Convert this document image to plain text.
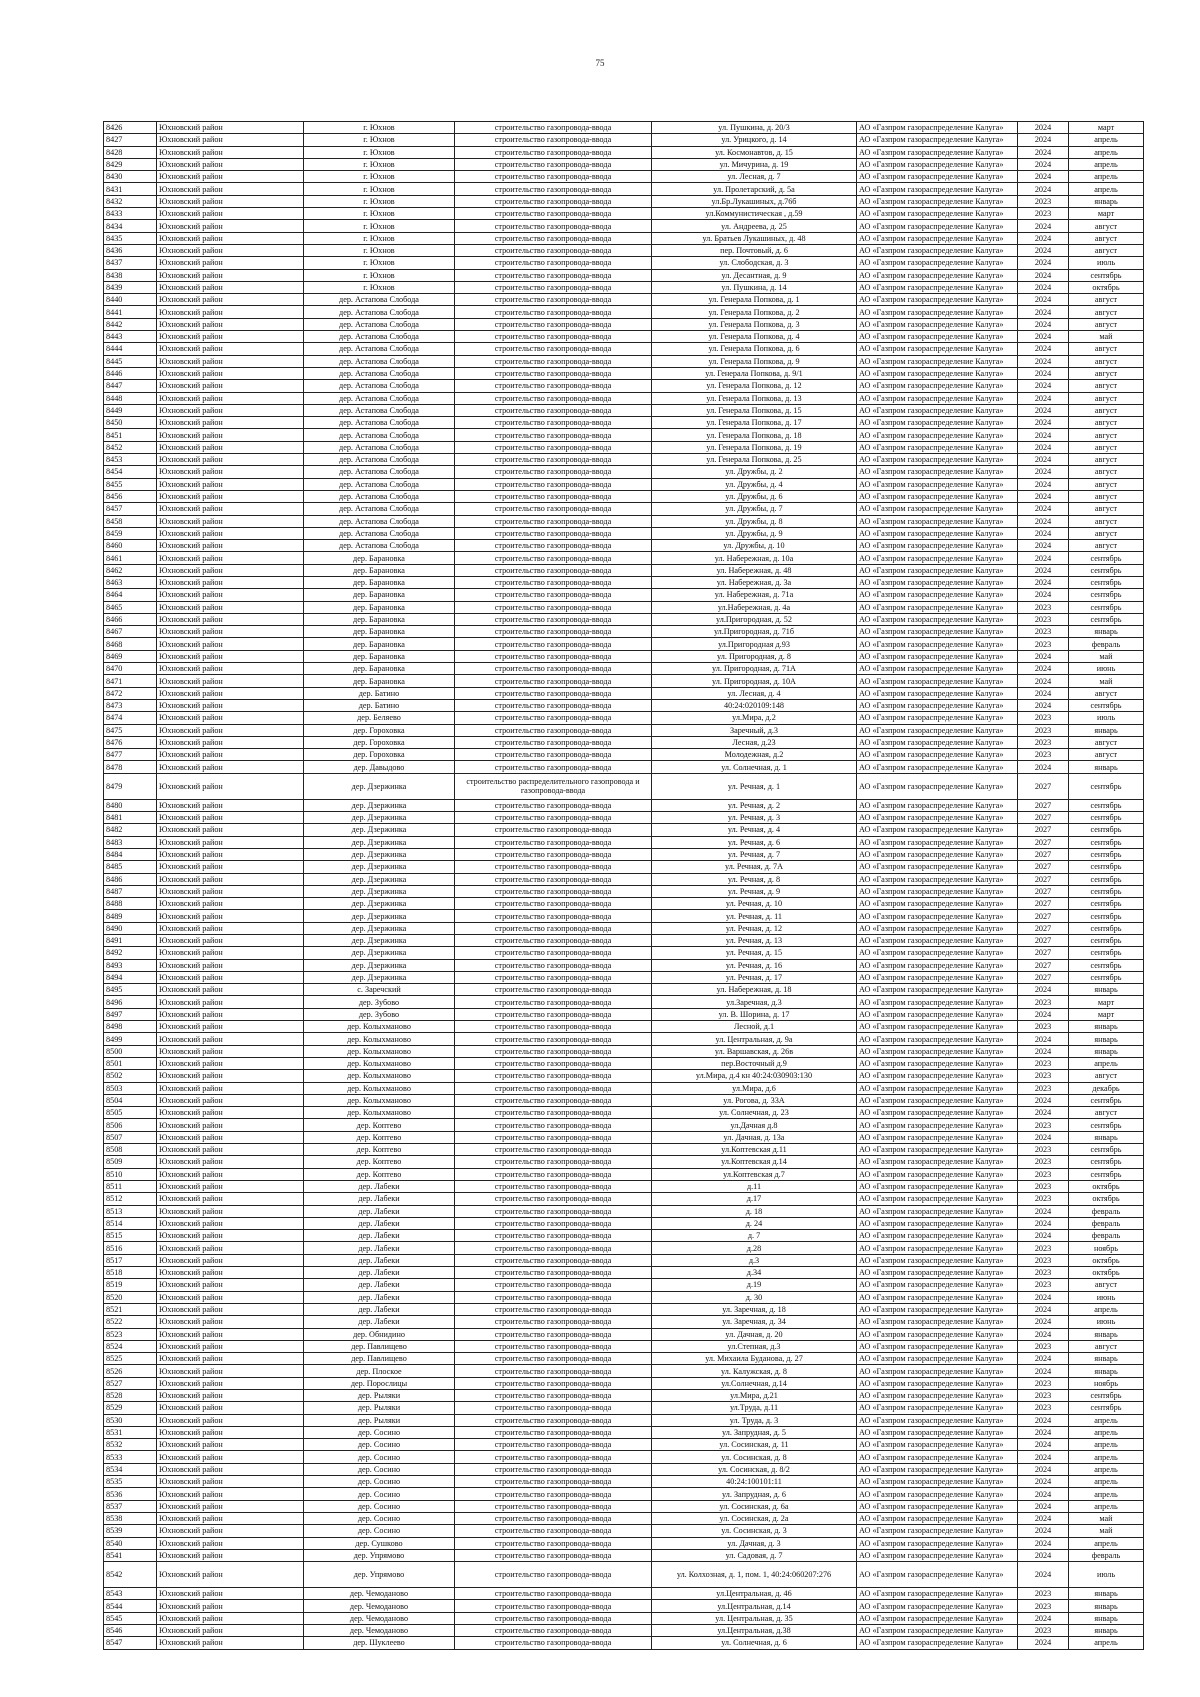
75
8426	Юхновский район	г. Юхнов	строительство газопровода-ввода	ул. Пушкина, д. 20/3	АО «Газпром газораспределение Калуга»	2024	март
8427	Юхновский район	г. Юхнов	строительство газопровода-ввода	ул. Урицкого, д. 14	АО «Газпром газораспределение Калуга»	2024	апрель
8428	Юхновский район	г. Юхнов	строительство газопровода-ввода	ул. Космонавтов, д. 15	АО «Газпром газораспределение Калуга»	2024	апрель
8429	Юхновский район	г. Юхнов	строительство газопровода-ввода	ул. Мичурина, д. 19	АО «Газпром газораспределение Калуга»	2024	апрель
8430	Юхновский район	г. Юхнов	строительство газопровода-ввода	ул. Лесная, д. 7	АО «Газпром газораспределение Калуга»	2024	апрель
8431	Юхновский район	г. Юхнов	строительство газопровода-ввода	ул. Пролетарский, д. 5а	АО «Газпром газораспределение Калуга»	2024	апрель
8432	Юхновский район	г. Юхнов	строительство газопровода-ввода	ул.Бр.Лукашиных, д.76б	АО «Газпром газораспределение Калуга»	2023	январь
8433	Юхновский район	г. Юхнов	строительство газопровода-ввода	ул.Коммунистическая , д.59	АО «Газпром газораспределение Калуга»	2023	март
8434	Юхновский район	г. Юхнов	строительство газопровода-ввода	ул. Андреева, д. 25	АО «Газпром газораспределение Калуга»	2024	август
8435	Юхновский район	г. Юхнов	строительство газопровода-ввода	ул. Братьев Лукашиных, д. 48	АО «Газпром газораспределение Калуга»	2024	август
8436	Юхновский район	г. Юхнов	строительство газопровода-ввода	пер. Почтовый, д. 6	АО «Газпром газораспределение Калуга»	2024	август
8437	Юхновский район	г. Юхнов	строительство газопровода-ввода	ул. Слободская, д. 3	АО «Газпром газораспределение Калуга»	2024	июль
8438	Юхновский район	г. Юхнов	строительство газопровода-ввода	ул. Десантная, д. 9	АО «Газпром газораспределение Калуга»	2024	сентябрь
8439	Юхновский район	г. Юхнов	строительство газопровода-ввода	ул. Пушкина, д. 14	АО «Газпром газораспределение Калуга»	2024	октябрь
8440	Юхновский район	дер. Астапова Слобода	строительство газопровода-ввода	ул. Генерала Попкова, д. 1	АО «Газпром газораспределение Калуга»	2024	август
8441	Юхновский район	дер. Астапова Слобода	строительство газопровода-ввода	ул. Генерала Попкова, д. 2	АО «Газпром газораспределение Калуга»	2024	август
8442	Юхновский район	дер. Астапова Слобода	строительство газопровода-ввода	ул. Генерала Попкова, д. 3	АО «Газпром газораспределение Калуга»	2024	август
8443	Юхновский район	дер. Астапова Слобода	строительство газопровода-ввода	ул. Генерала Попкова, д. 4	АО «Газпром газораспределение Калуга»	2024	май
8444	Юхновский район	дер. Астапова Слобода	строительство газопровода-ввода	ул. Генерала Попкова, д. 6	АО «Газпром газораспределение Калуга»	2024	август
8445	Юхновский район	дер. Астапова Слобода	строительство газопровода-ввода	ул. Генерала Попкова, д. 9	АО «Газпром газораспределение Калуга»	2024	август
8446	Юхновский район	дер. Астапова Слобода	строительство газопровода-ввода	ул. Генерала Попкова, д. 9/1	АО «Газпром газораспределение Калуга»	2024	август
8447	Юхновский район	дер. Астапова Слобода	строительство газопровода-ввода	ул. Генерала Попкова, д. 12	АО «Газпром газораспределение Калуга»	2024	август
8448	Юхновский район	дер. Астапова Слобода	строительство газопровода-ввода	ул. Генерала Попкова, д. 13	АО «Газпром газораспределение Калуга»	2024	август
8449	Юхновский район	дер. Астапова Слобода	строительство газопровода-ввода	ул. Генерала Попкова, д. 15	АО «Газпром газораспределение Калуга»	2024	август
8450	Юхновский район	дер. Астапова Слобода	строительство газопровода-ввода	ул. Генерала Попкова, д. 17	АО «Газпром газораспределение Калуга»	2024	август
8451	Юхновский район	дер. Астапова Слобода	строительство газопровода-ввода	ул. Генерала Попкова, д. 18	АО «Газпром газораспределение Калуга»	2024	август
8452	Юхновский район	дер. Астапова Слобода	строительство газопровода-ввода	ул. Генерала Попкова, д. 19	АО «Газпром газораспределение Калуга»	2024	август
8453	Юхновский район	дер. Астапова Слобода	строительство газопровода-ввода	ул. Генерала Попкова, д. 25	АО «Газпром газораспределение Калуга»	2024	август
8454	Юхновский район	дер. Астапова Слобода	строительство газопровода-ввода	ул. Дружбы, д. 2	АО «Газпром газораспределение Калуга»	2024	август
8455	Юхновский район	дер. Астапова Слобода	строительство газопровода-ввода	ул. Дружбы, д. 4	АО «Газпром газораспределение Калуга»	2024	август
8456	Юхновский район	дер. Астапова Слобода	строительство газопровода-ввода	ул. Дружбы, д. 6	АО «Газпром газораспределение Калуга»	2024	август
8457	Юхновский район	дер. Астапова Слобода	строительство газопровода-ввода	ул. Дружбы, д. 7	АО «Газпром газораспределение Калуга»	2024	август
8458	Юхновский район	дер. Астапова Слобода	строительство газопровода-ввода	ул. Дружбы, д. 8	АО «Газпром газораспределение Калуга»	2024	август
8459	Юхновский район	дер. Астапова Слобода	строительство газопровода-ввода	ул. Дружбы, д. 9	АО «Газпром газораспределение Калуга»	2024	август
8460	Юхновский район	дер. Астапова Слобода	строительство газопровода-ввода	ул. Дружбы, д. 10	АО «Газпром газораспределение Калуга»	2024	август
8461	Юхновский район	дер. Барановка	строительство газопровода-ввода	ул. Набережная, д. 10а	АО «Газпром газораспределение Калуга»	2024	сентябрь
8462	Юхновский район	дер. Барановка	строительство газопровода-ввода	ул. Набережная, д. 48	АО «Газпром газораспределение Калуга»	2024	сентябрь
8463	Юхновский район	дер. Барановка	строительство газопровода-ввода	ул. Набережная, д. 3а	АО «Газпром газораспределение Калуга»	2024	сентябрь
8464	Юхновский район	дер. Барановка	строительство газопровода-ввода	ул. Набережная, д. 71а	АО «Газпром газораспределение Калуга»	2024	сентябрь
8465	Юхновский район	дер. Барановка	строительство газопровода-ввода	ул.Набережная, д. 4а	АО «Газпром газораспределение Калуга»	2023	сентябрь
8466	Юхновский район	дер. Барановка	строительство газопровода-ввода	ул.Пригородная, д. 52	АО «Газпром газораспределение Калуга»	2023	сентябрь
8467	Юхновский район	дер. Барановка	строительство газопровода-ввода	ул.Пригородная, д. 71б	АО «Газпром газораспределение Калуга»	2023	январь
8468	Юхновский район	дер. Барановка	строительство газопровода-ввода	ул.Пригородная д.93	АО «Газпром газораспределение Калуга»	2023	февраль
8469	Юхновский район	дер. Барановка	строительство газопровода-ввода	ул. Пригородная, д. 8	АО «Газпром газораспределение Калуга»	2024	май
8470	Юхновский район	дер. Барановка	строительство газопровода-ввода	ул. Пригородная, д. 71А	АО «Газпром газораспределение Калуга»	2024	июнь
8471	Юхновский район	дер. Барановка	строительство газопровода-ввода	ул. Пригородная, д. 10А	АО «Газпром газораспределение Калуга»	2024	май
8472	Юхновский район	дер. Батино	строительство газопровода-ввода	ул. Лесная, д. 4	АО «Газпром газораспределение Калуга»	2024	август
8473	Юхновский район	дер. Батино	строительство газопровода-ввода	40:24:020109:148	АО «Газпром газораспределение Калуга»	2024	сентябрь
8474	Юхновский район	дер. Беляево	строительство газопровода-ввода	ул.Мира, д.2	АО «Газпром газораспределение Калуга»	2023	июль
8475	Юхновский район	дер. Гороховка	строительство газопровода-ввода	Заречный, д.3	АО «Газпром газораспределение Калуга»	2023	январь
8476	Юхновский район	дер. Гороховка	строительство газопровода-ввода	Лесная, д.23	АО «Газпром газораспределение Калуга»	2023	август
8477	Юхновский район	дер. Гороховка	строительство газопровода-ввода	Молодежная, д.2	АО «Газпром газораспределение Калуга»	2023	август
8478	Юхновский район	дер. Давыдово	строительство газопровода-ввода	ул. Солнечная, д. 1	АО «Газпром газораспределение Калуга»	2024	январь
8479	Юхновский район	дер. Дзержинка	строительство распределительного газопровода и газопровода-ввода	ул. Речная, д. 1	АО «Газпром газораспределение Калуга»	2027	сентябрь
8480	Юхновский район	дер. Дзержинка	строительство газопровода-ввода	ул. Речная, д. 2	АО «Газпром газораспределение Калуга»	2027	сентябрь
8481	Юхновский район	дер. Дзержинка	строительство газопровода-ввода	ул. Речная, д. 3	АО «Газпром газораспределение Калуга»	2027	сентябрь
8482	Юхновский район	дер. Дзержинка	строительство газопровода-ввода	ул. Речная, д. 4	АО «Газпром газораспределение Калуга»	2027	сентябрь
8483	Юхновский район	дер. Дзержинка	строительство газопровода-ввода	ул. Речная, д. 6	АО «Газпром газораспределение Калуга»	2027	сентябрь
8484	Юхновский район	дер. Дзержинка	строительство газопровода-ввода	ул. Речная, д. 7	АО «Газпром газораспределение Калуга»	2027	сентябрь
8485	Юхновский район	дер. Дзержинка	строительство газопровода-ввода	ул. Речная, д. 7А	АО «Газпром газораспределение Калуга»	2027	сентябрь
8486	Юхновский район	дер. Дзержинка	строительство газопровода-ввода	ул. Речная, д. 8	АО «Газпром газораспределение Калуга»	2027	сентябрь
8487	Юхновский район	дер. Дзержинка	строительство газопровода-ввода	ул. Речная, д. 9	АО «Газпром газораспределение Калуга»	2027	сентябрь
8488	Юхновский район	дер. Дзержинка	строительство газопровода-ввода	ул. Речная, д. 10	АО «Газпром газораспределение Калуга»	2027	сентябрь
8489	Юхновский район	дер. Дзержинка	строительство газопровода-ввода	ул. Речная, д. 11	АО «Газпром газораспределение Калуга»	2027	сентябрь
8490	Юхновский район	дер. Дзержинка	строительство газопровода-ввода	ул. Речная, д. 12	АО «Газпром газораспределение Калуга»	2027	сентябрь
8491	Юхновский район	дер. Дзержинка	строительство газопровода-ввода	ул. Речная, д. 13	АО «Газпром газораспределение Калуга»	2027	сентябрь
8492	Юхновский район	дер. Дзержинка	строительство газопровода-ввода	ул. Речная, д. 15	АО «Газпром газораспределение Калуга»	2027	сентябрь
8493	Юхновский район	дер. Дзержинка	строительство газопровода-ввода	ул. Речная, д. 16	АО «Газпром газораспределение Калуга»	2027	сентябрь
8494	Юхновский район	дер. Дзержинка	строительство газопровода-ввода	ул. Речная, д. 17	АО «Газпром газораспределение Калуга»	2027	сентябрь
8495	Юхновский район	с. Заречский	строительство газопровода-ввода	ул. Набережная, д. 18	АО «Газпром газораспределение Калуга»	2024	январь
8496	Юхновский район	дер. Зубово	строительство газопровода-ввода	ул.Заречная, д.3	АО «Газпром газораспределение Калуга»	2023	март
8497	Юхновский район	дер. Зубово	строительство газопровода-ввода	ул. В. Шорина, д. 17	АО «Газпром газораспределение Калуга»	2024	март
8498	Юхновский район	дер. Колыхманово	строительство газопровода-ввода	Лесной, д.1	АО «Газпром газораспределение Калуга»	2023	январь
8499	Юхновский район	дер. Колыхманово	строительство газопровода-ввода	ул. Центральная, д. 9а	АО «Газпром газораспределение Калуга»	2024	январь
8500	Юхновский район	дер. Колыхманово	строительство газопровода-ввода	ул. Варшавская, д. 26в	АО «Газпром газораспределение Калуга»	2024	январь
8501	Юхновский район	дер. Колыхманово	строительство газопровода-ввода	пер.Восточный д.9	АО «Газпром газораспределение Калуга»	2023	апрель
8502	Юхновский район	дер. Колыхманово	строительство газопровода-ввода	ул.Мира, д.4 кн 40:24:030903:130	АО «Газпром газораспределение Калуга»	2023	август
8503	Юхновский район	дер. Колыхманово	строительство газопровода-ввода	ул.Мира, д.6	АО «Газпром газораспределение Калуга»	2023	декабрь
8504	Юхновский район	дер. Колыхманово	строительство газопровода-ввода	ул. Рогова, д. 33А	АО «Газпром газораспределение Калуга»	2024	сентябрь
8505	Юхновский район	дер. Колыхманово	строительство газопровода-ввода	ул. Солнечная, д. 23	АО «Газпром газораспределение Калуга»	2024	август
8506	Юхновский район	дер. Коптево	строительство газопровода-ввода	ул.Дачная д.8	АО «Газпром газораспределение Калуга»	2023	сентябрь
8507	Юхновский район	дер. Коптево	строительство газопровода-ввода	ул. Дачная, д. 13а	АО «Газпром газораспределение Калуга»	2024	январь
8508	Юхновский район	дер. Коптево	строительство газопровода-ввода	ул.Коптевская д.11	АО «Газпром газораспределение Калуга»	2023	сентябрь
8509	Юхновский район	дер. Коптево	строительство газопровода-ввода	ул.Коптевская д.14	АО «Газпром газораспределение Калуга»	2023	сентябрь
8510	Юхновский район	дер. Коптево	строительство газопровода-ввода	ул.Коптевская д.7	АО «Газпром газораспределение Калуга»	2023	сентябрь
8511	Юхновский район	дер. Лабеки	строительство газопровода-ввода	д.11	АО «Газпром газораспределение Калуга»	2023	октябрь
8512	Юхновский район	дер. Лабеки	строительство газопровода-ввода	д.17	АО «Газпром газораспределение Калуга»	2023	октябрь
8513	Юхновский район	дер. Лабеки	строительство газопровода-ввода	д. 18	АО «Газпром газораспределение Калуга»	2024	февраль
8514	Юхновский район	дер. Лабеки	строительство газопровода-ввода	д. 24	АО «Газпром газораспределение Калуга»	2024	февраль
8515	Юхновский район	дер. Лабеки	строительство газопровода-ввода	д. 7	АО «Газпром газораспределение Калуга»	2024	февраль
8516	Юхновский район	дер. Лабеки	строительство газопровода-ввода	д.28	АО «Газпром газораспределение Калуга»	2023	ноябрь
8517	Юхновский район	дер. Лабеки	строительство газопровода-ввода	д.3	АО «Газпром газораспределение Калуга»	2023	октябрь
8518	Юхновский район	дер. Лабеки	строительство газопровода-ввода	д.34	АО «Газпром газораспределение Калуга»	2023	октябрь
8519	Юхновский район	дер. Лабеки	строительство газопровода-ввода	д.19	АО «Газпром газораспределение Калуга»	2023	август
8520	Юхновский район	дер. Лабеки	строительство газопровода-ввода	д. 30	АО «Газпром газораспределение Калуга»	2024	июнь
8521	Юхновский район	дер. Лабеки	строительство газопровода-ввода	ул. Заречная, д. 18	АО «Газпром газораспределение Калуга»	2024	апрель
8522	Юхновский район	дер. Лабеки	строительство газопровода-ввода	ул. Заречная, д. 34	АО «Газпром газораспределение Калуга»	2024	июнь
8523	Юхновский район	дер. Обнидино	строительство газопровода-ввода	ул. Дачная, д. 20	АО «Газпром газораспределение Калуга»	2024	январь
8524	Юхновский район	дер. Павлищево	строительство газопровода-ввода	ул.Степная, д.3	АО «Газпром газораспределение Калуга»	2023	август
8525	Юхновский район	дер. Павлищево	строительство газопровода-ввода	ул. Михаила Буданова, д. 27	АО «Газпром газораспределение Калуга»	2024	январь
8526	Юхновский район	дер. Плоское	строительство газопровода-ввода	ул. Калужская, д. 8	АО «Газпром газораспределение Калуга»	2024	январь
8527	Юхновский район	дер. Порослицы	строительство газопровода-ввода	ул.Солнечная, д.14	АО «Газпром газораспределение Калуга»	2023	ноябрь
8528	Юхновский район	дер. Рыляки	строительство газопровода-ввода	ул.Мира, д.21	АО «Газпром газораспределение Калуга»	2023	сентябрь
8529	Юхновский район	дер. Рыляки	строительство газопровода-ввода	ул.Труда, д.11	АО «Газпром газораспределение Калуга»	2023	сентябрь
8530	Юхновский район	дер. Рыляки	строительство газопровода-ввода	ул. Труда, д. 3	АО «Газпром газораспределение Калуга»	2024	апрель
8531	Юхновский район	дер. Сосино	строительство газопровода-ввода	ул. Запрудная, д. 5	АО «Газпром газораспределение Калуга»	2024	апрель
8532	Юхновский район	дер. Сосино	строительство газопровода-ввода	ул. Сосинская, д. 11	АО «Газпром газораспределение Калуга»	2024	апрель
8533	Юхновский район	дер. Сосино	строительство газопровода-ввода	ул. Сосинская, д. 8	АО «Газпром газораспределение Калуга»	2024	апрель
8534	Юхновский район	дер. Сосино	строительство газопровода-ввода	ул. Сосинская, д. 8/2	АО «Газпром газораспределение Калуга»	2024	апрель
8535	Юхновский район	дер. Сосино	строительство газопровода-ввода	40:24:100101:11	АО «Газпром газораспределение Калуга»	2024	апрель
8536	Юхновский район	дер. Сосино	строительство газопровода-ввода	ул. Запрудная, д. 6	АО «Газпром газораспределение Калуга»	2024	апрель
8537	Юхновский район	дер. Сосино	строительство газопровода-ввода	ул. Сосинская, д. 6а	АО «Газпром газораспределение Калуга»	2024	апрель
8538	Юхновский район	дер. Сосино	строительство газопровода-ввода	ул. Сосинская, д. 2а	АО «Газпром газораспределение Калуга»	2024	май
8539	Юхновский район	дер. Сосино	строительство газопровода-ввода	ул. Сосинская, д. 3	АО «Газпром газораспределение Калуга»	2024	май
8540	Юхновский район	дер. Сушково	строительство газопровода-ввода	ул. Дачная, д. 3	АО «Газпром газораспределение Калуга»	2024	апрель
8541	Юхновский район	дер. Упрямово	строительство газопровода-ввода	ул. Садовая, д. 7	АО «Газпром газораспределение Калуга»	2024	февраль
8542	Юхновский район	дер. Упрямово	строительство газопровода-ввода	ул. Колхозная, д. 1, пом. 1, 40:24:060207:276	АО «Газпром газораспределение Калуга»	2024	июль
8543	Юхновский район	дер. Чемоданово	строительство газопровода-ввода	ул.Центральная, д. 46	АО «Газпром газораспределение Калуга»	2023	январь
8544	Юхновский район	дер. Чемоданово	строительство газопровода-ввода	ул.Центральная, д.14	АО «Газпром газораспределение Калуга»	2023	январь
8545	Юхновский район	дер. Чемоданово	строительство газопровода-ввода	ул. Центральная, д. 35	АО «Газпром газораспределение Калуга»	2024	январь
8546	Юхновский район	дер. Чемоданово	строительство газопровода-ввода	ул.Центральная, д.38	АО «Газпром газораспределение Калуга»	2023	январь
8547	Юхновский район	дер. Шуклеево	строительство газопровода-ввода	ул. Солнечная, д. 6	АО «Газпром газораспределение Калуга»	2024	апрель
